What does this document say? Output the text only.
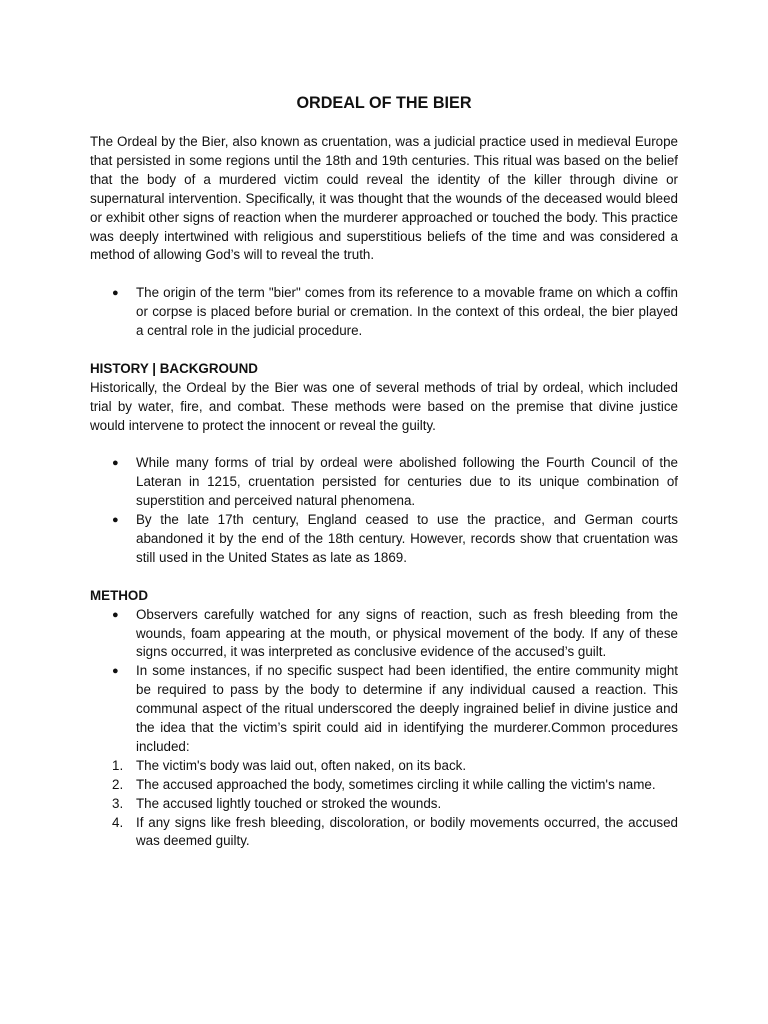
ORDEAL OF THE BIER

The Ordeal by the Bier, also known as cruentation, was a judicial practice used in medieval Europe that persisted in some regions until the 18th and 19th centuries. This ritual was based on the belief that the body of a murdered victim could reveal the identity of the killer through divine or supernatural intervention. Specifically, it was thought that the wounds of the deceased would bleed or exhibit other signs of reaction when the murderer approached or touched the body. This practice was deeply intertwined with religious and superstitious beliefs of the time and was considered a method of allowing God’s will to reveal the truth.

● The origin of the term "bier" comes from its reference to a movable frame on which a coffin or corpse is placed before burial or cremation. In the context of this ordeal, the bier played a central role in the judicial procedure.
HISTORY | BACKGROUND

Historically, the Ordeal by the Bier was one of several methods of trial by ordeal, which included trial by water, fire, and combat. These methods were based on the premise that divine justice would intervene to protect the innocent or reveal the guilty.

● While many forms of trial by ordeal were abolished following the Fourth Council of the Lateran in 1215, cruentation persisted for centuries due to its unique combination of superstition and perceived natural phenomena.
● By the late 17th century, England ceased to use the practice, and German courts abandoned it by the end of the 18th century. However, records show that cruentation was still used in the United States as late as 1869.
METHOD
● Observers carefully watched for any signs of reaction, such as fresh bleeding from the wounds, foam appearing at the mouth, or physical movement of the body. If any of these signs occurred, it was interpreted as conclusive evidence of the accused’s guilt.
● In some instances, if no specific suspect had been identified, the entire community might be required to pass by the body to determine if any individual caused a reaction. This communal aspect of the ritual underscored the deeply ingrained belief in divine justice and the idea that the victim’s spirit could aid in identifying the murderer.Common procedures included:
1. The victim's body was laid out, often naked, on its back.
2. The accused approached the body, sometimes circling it while calling the victim's name.
3. The accused lightly touched or stroked the wounds.
4. If any signs like fresh bleeding, discoloration, or bodily movements occurred, the accused was deemed guilty.
